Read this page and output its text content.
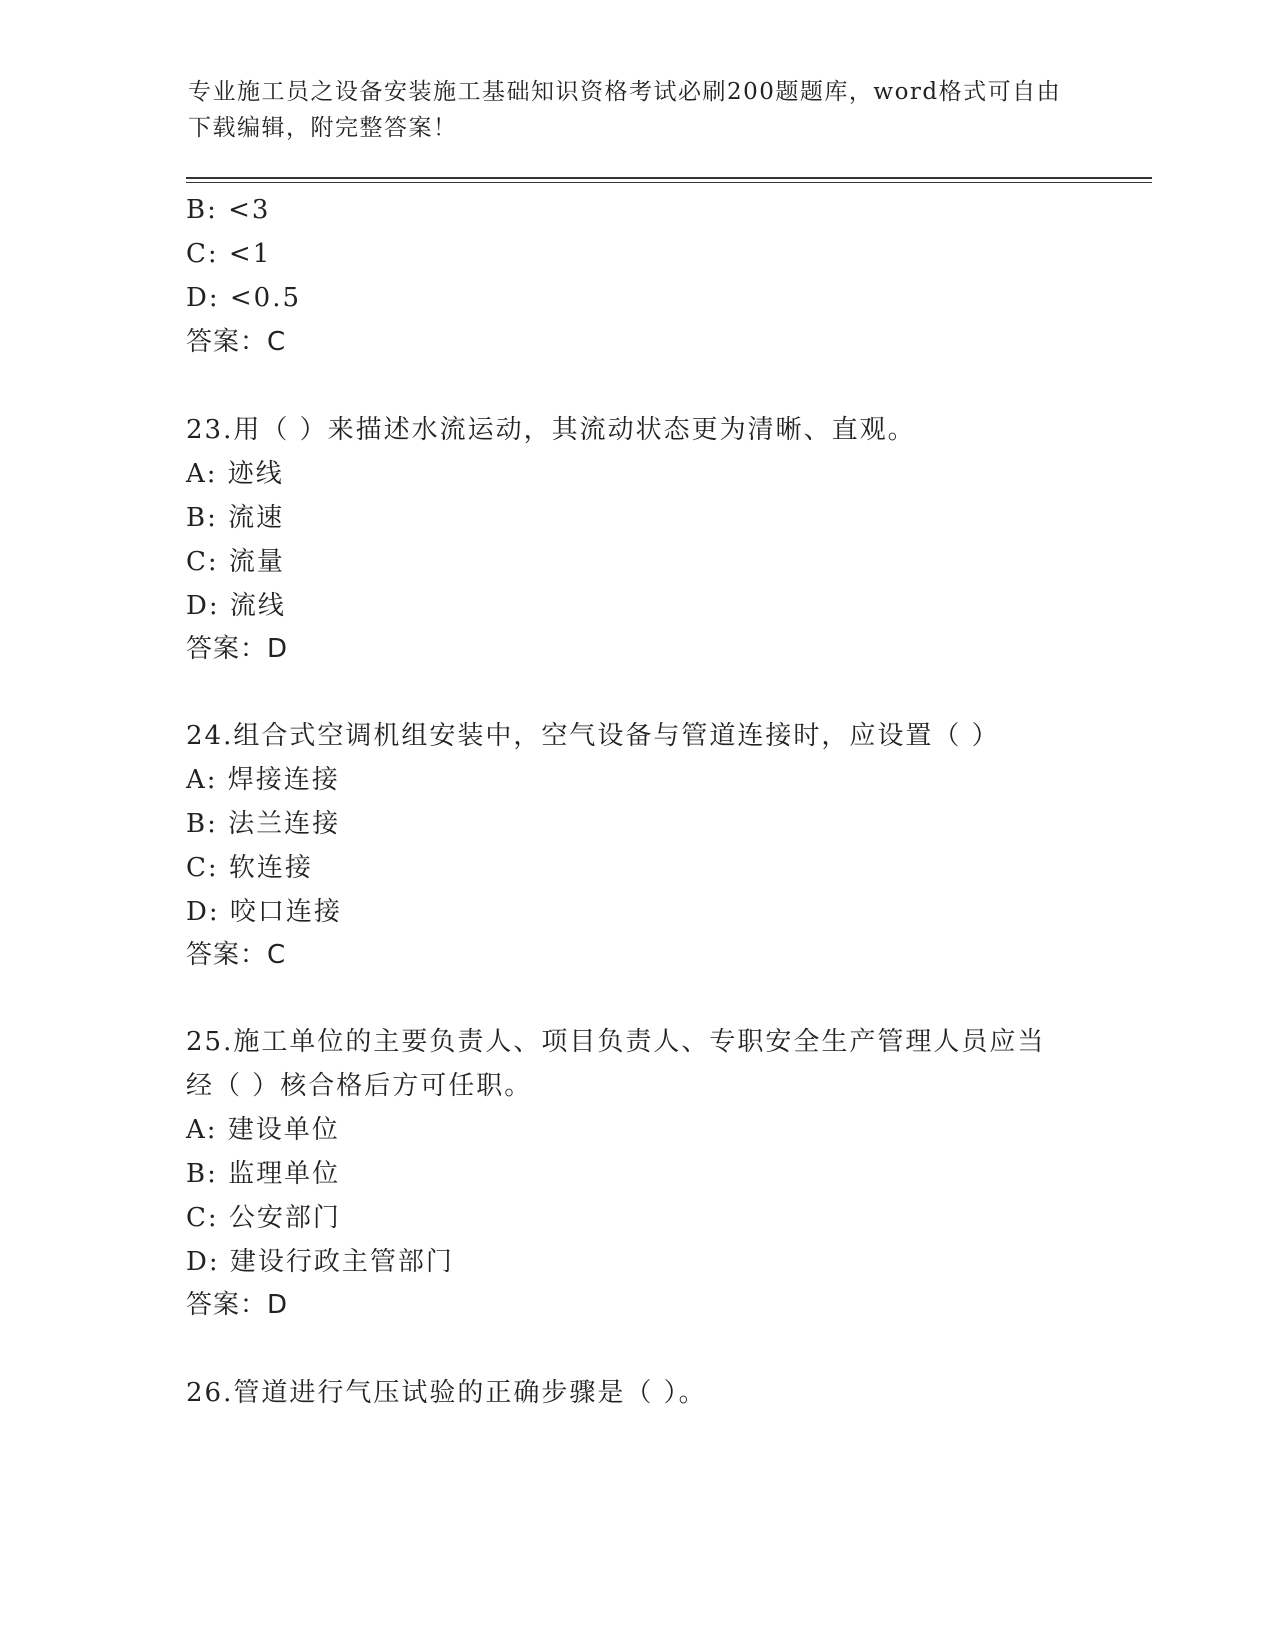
专业施工员之设备安装施工基础知识资格考试必刷200题题库，word格式可自由
下载编辑，附完整答案！
B: <3
C: <1
D: <0.5
答案：C
23.用（ ）来描述水流运动，其流动状态更为清晰、直观。
A: 迹线
B: 流速
C: 流量
D: 流线
答案：D
24.组合式空调机组安装中，空气设备与管道连接时，应设置（ ）
A: 焊接连接
B: 法兰连接
C: 软连接
D: 咬口连接
答案：C
25.施工单位的主要负责人、项目负责人、专职安全生产管理人员应当
经（ ）核合格后方可任职。
A: 建设单位
B: 监理单位
C: 公安部门
D: 建设行政主管部门
答案：D
26.管道进行气压试验的正确步骤是（ ）。
